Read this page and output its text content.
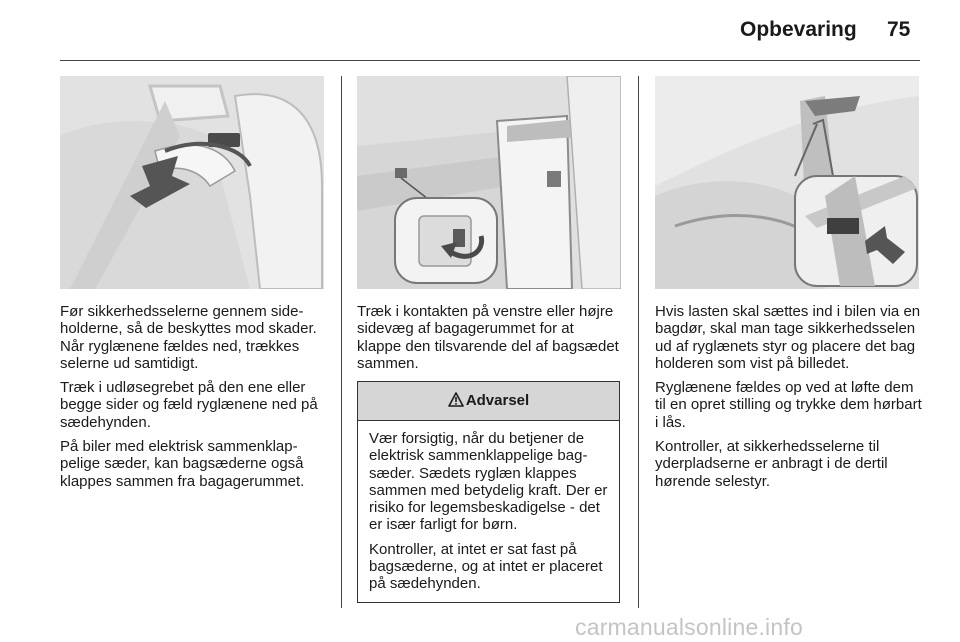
Opbevaring 75

Før sikkerhedsselerne gennem sideholderne, så de beskyttes mod skader. Når ryglænene fældes ned, trækkes selerne ud samtidigt.

Træk i udløsegrebet på den ene eller begge sider og fæld ryglænene ned på sædehynden.

På biler med elektrisk sammenklappelige sæder, kan bagsæderne også klappes sammen fra bagagerummet.

Træk i kontakten på venstre eller højre sidevæg af bagagerummet for at klappe den tilsvarende del af bagsædet sammen.

Advarsel

Vær forsigtig, når du betjener de elektrisk sammenklappelige bagsæder. Sædets ryglæn klappes sammen med betydelig kraft. Der er risiko for legemsbeskadigelse - det er især farligt for børn.

Kontroller, at intet er sat fast på bagsæderne, og at intet er placeret på sædehynden.

Hvis lasten skal sættes ind i bilen via en bagdør, skal man tage sikkerhedsselen ud af ryglænets styr og placere det bag holderen som vist på billedet.

Ryglænene fældes op ved at løfte dem til en opret stilling og trykke dem hørbart i lås.

Kontroller, at sikkerhedsselerne til yderpladserne er anbragt i de dertil hørende selestyr.

carmanualsonline.info
